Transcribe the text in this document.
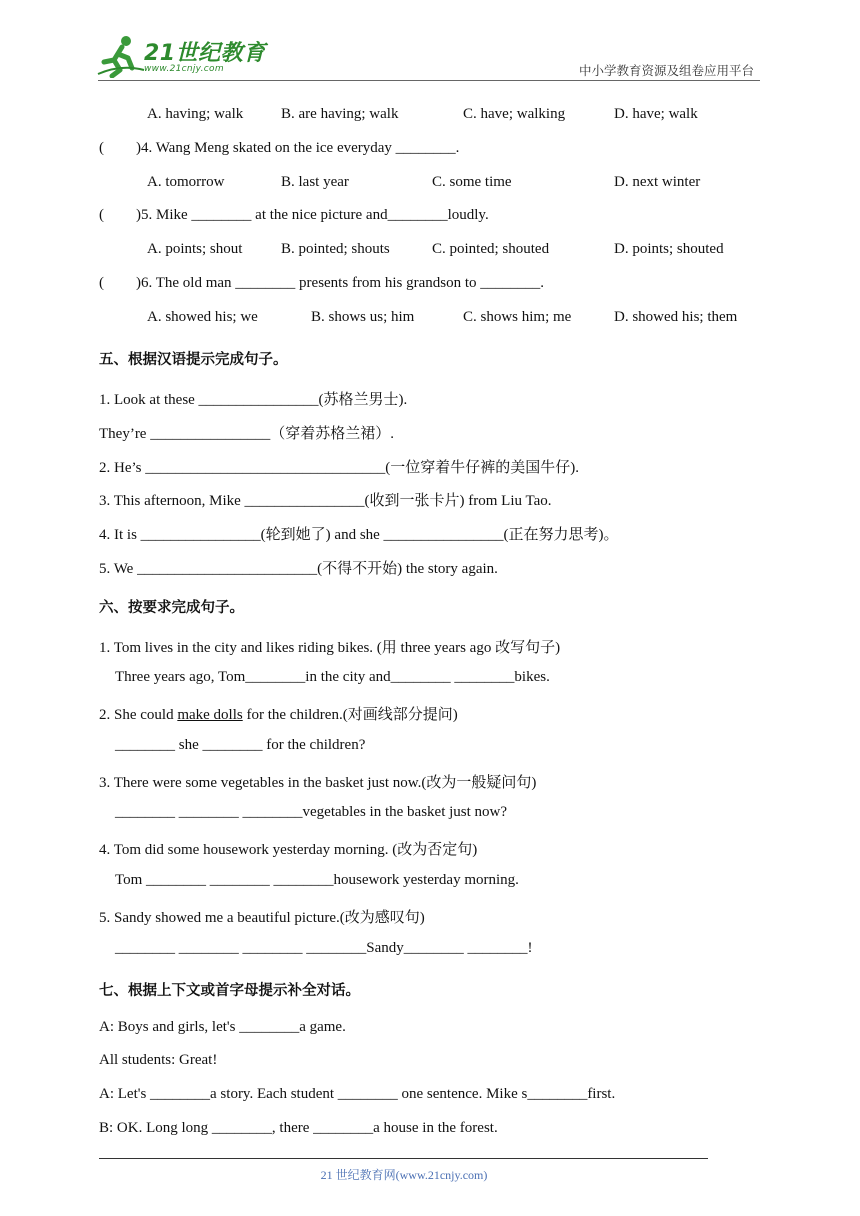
21世纪教育
www.21cnjy.com	中小学教育资源及组卷应用平台
A. having; walk	B. are having; walk	C. have; walking	D. have; walk
( )4. Wang Meng skated on the ice everyday ________.
A. tomorrow	B. last year	C. some time	D. next winter
( )5. Mike ________ at the nice picture and________loudly.
A. points; shout	B. pointed; shouts	C. pointed; shouted	D. points; shouted
( )6. The old man ________ presents from his grandson to ________.
A. showed his; we	B. shows us; him	C. shows him; me	D. showed his; them
五、根据汉语提示完成句子。
1. Look at these ________________(苏格兰男士).
They’re ________________（穿着苏格兰裙）.
2. He’s ________________________________(一位穿着牛仔裤的美国牛仔).
3. This afternoon, Mike ________________(收到一张卡片) from Liu Tao.
4. It is ________________(轮到她了) and she ________________(正在努力思考)。
5. We ________________________(不得不开始) the story again.
六、按要求完成句子。
1. Tom lives in the city and likes riding bikes. (用 three years ago 改写句子)
Three years ago, Tom________in the city and________ ________bikes.
2. She could make dolls for the children.(对画线部分提问)
________ she ________ for the children?
3. There were some vegetables in the basket just now.(改为一般疑问句)
________ ________ ________vegetables in the basket just now?
4. Tom did some housework yesterday morning. (改为否定句)
Tom ________ ________ ________housework yesterday morning.
5. Sandy showed me a beautiful picture.(改为感叹句)
________ ________ ________ ________Sandy________ ________!
七、根据上下文或首字母提示补全对话。
A: Boys and girls, let's ________a game.
All students: Great!
A: Let's ________a story. Each student ________ one sentence. Mike s________first.
B: OK. Long long ________, there ________a house in the forest.
21 世纪教育网(www.21cnjy.com)
